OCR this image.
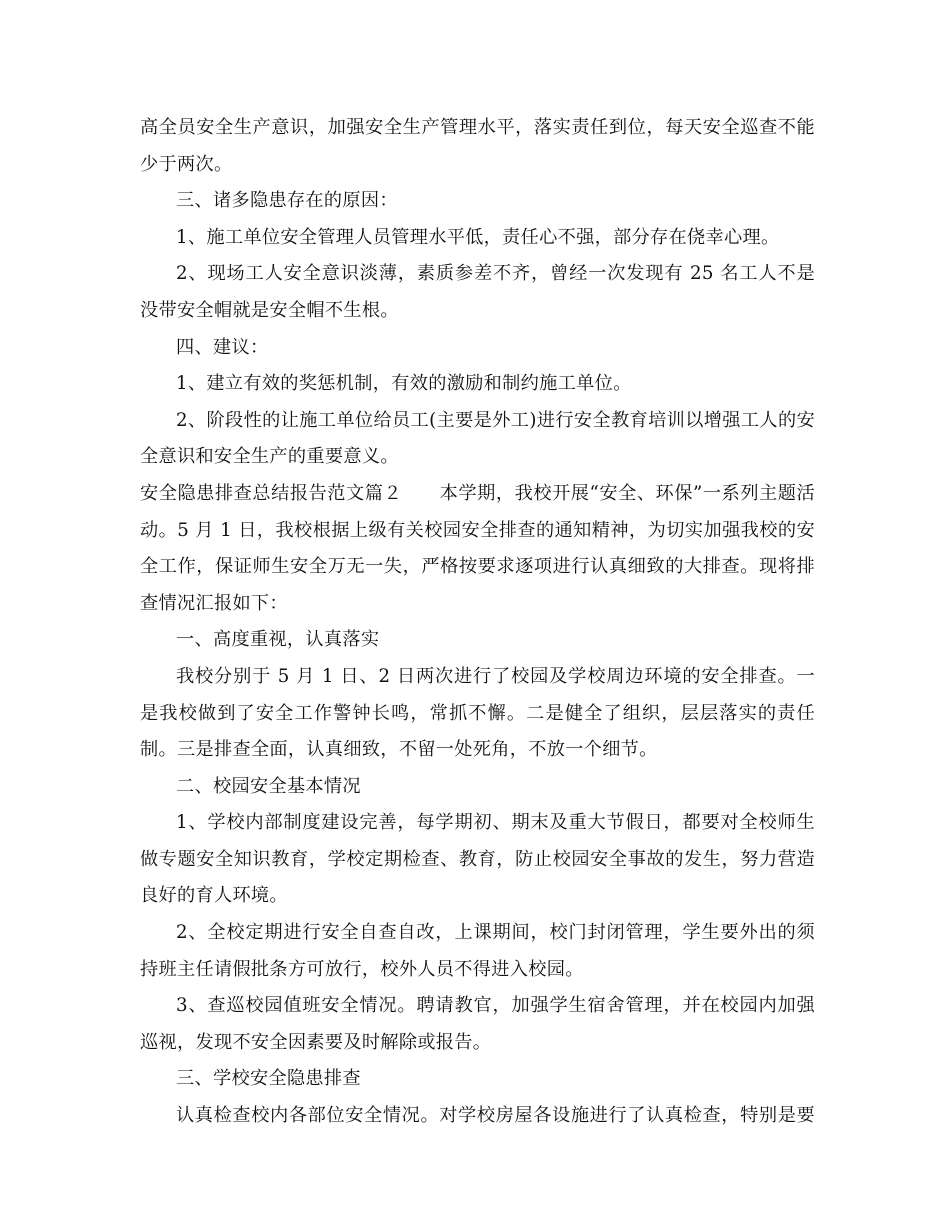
高全员安全生产意识，加强安全生产管理水平，落实责任到位，每天安全巡查不能少于两次。

三、诸多隐患存在的原因：

1、施工单位安全管理人员管理水平低，责任心不强，部分存在侥幸心理。

2、现场工人安全意识淡薄，素质参差不齐，曾经一次发现有 25 名工人不是没带安全帽就是安全帽不生根。

四、建议：

1、建立有效的奖惩机制，有效的激励和制约施工单位。

2、阶段性的让施工单位给员工(主要是外工)进行安全教育培训以增强工人的安全意识和安全生产的重要意义。

安全隐患排查总结报告范文篇２　　本学期，我校开展“安全、环保”一系列主题活动。5 月 1 日，我校根据上级有关校园安全排查的通知精神，为切实加强我校的安全工作，保证师生安全万无一失，严格按要求逐项进行认真细致的大排查。现将排查情况汇报如下：

一、高度重视，认真落实

我校分别于 5 月 1 日、2 日两次进行了校园及学校周边环境的安全排查。一是我校做到了安全工作警钟长鸣，常抓不懈。二是健全了组织，层层落实的责任制。三是排查全面，认真细致，不留一处死角，不放一个细节。

二、校园安全基本情况

1、学校内部制度建设完善，每学期初、期末及重大节假日，都要对全校师生做专题安全知识教育，学校定期检查、教育，防止校园安全事故的发生，努力营造良好的育人环境。

2、全校定期进行安全自查自改，上课期间，校门封闭管理，学生要外出的须持班主任请假批条方可放行，校外人员不得进入校园。

3、查巡校园值班安全情况。聘请教官，加强学生宿舍管理，并在校园内加强巡视，发现不安全因素要及时解除或报告。

三、学校安全隐患排查

认真检查校内各部位安全情况。对学校房屋各设施进行了认真检查，特别是要
